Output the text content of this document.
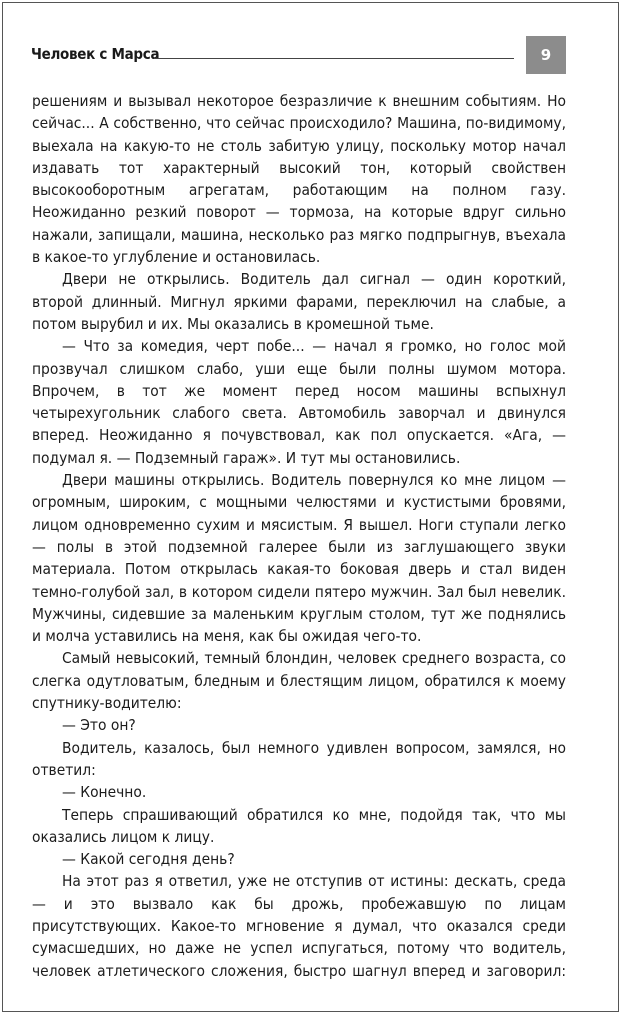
Человек с Марса	9

решениям и вызывал некоторое безразличие к внешним событиям. Но сейчас... А собственно, что сейчас происходило? Машина, по-видимому, выехала на какую-то не столь забитую улицу, поскольку мотор начал издавать тот характерный высокий тон, который свойствен высокооборотным агрегатам, работающим на полном газу. Неожиданно резкий поворот — тормоза, на которые вдруг сильно нажали, запищали, машина, несколько раз мягко подпрыгнув, въехала в какое-то углубление и остановилась.

Двери не открылись. Водитель дал сигнал — один короткий, второй длинный. Мигнул яркими фарами, переключил на слабые, а потом вырубил и их. Мы оказались в кромешной тьме.

— Что за комедия, черт побе... — начал я громко, но голос мой прозвучал слишком слабо, уши еще были полны шумом мотора. Впрочем, в тот же момент перед носом машины вспыхнул четырехугольник слабого света. Автомобиль заворчал и двинулся вперед. Неожиданно я почувствовал, как пол опускается. «Ага, — подумал я. — Подземный гараж». И тут мы остановились.

Двери машины открылись. Водитель повернулся ко мне лицом — огромным, широким, с мощными челюстями и кустистыми бровями, лицом одновременно сухим и мясистым. Я вышел. Ноги ступали легко — полы в этой подземной галерее были из заглушающего звуки материала. Потом открылась какая-то боковая дверь и стал виден темно-голубой зал, в котором сидели пятеро мужчин. Зал был невелик. Мужчины, сидевшие за маленьким круглым столом, тут же поднялись и молча уставились на меня, как бы ожидая чего-то.

Самый невысокий, темный блондин, человек среднего возраста, со слегка одутловатым, бледным и блестящим лицом, обратился к моему спутнику-водителю:

— Это он?

Водитель, казалось, был немного удивлен вопросом, замялся, но ответил:

— Конечно.

Теперь спрашивающий обратился ко мне, подойдя так, что мы оказались лицом к лицу.

— Какой сегодня день?

На этот раз я ответил, уже не отступив от истины: дескать, среда — и это вызвало как бы дрожь, пробежавшую по лицам присутствующих. Какое-то мгновение я думал, что оказался среди сумасшедших, но даже не успел испугаться, потому что водитель, человек атлетического сложения, быстро шагнул вперед и заговорил:
